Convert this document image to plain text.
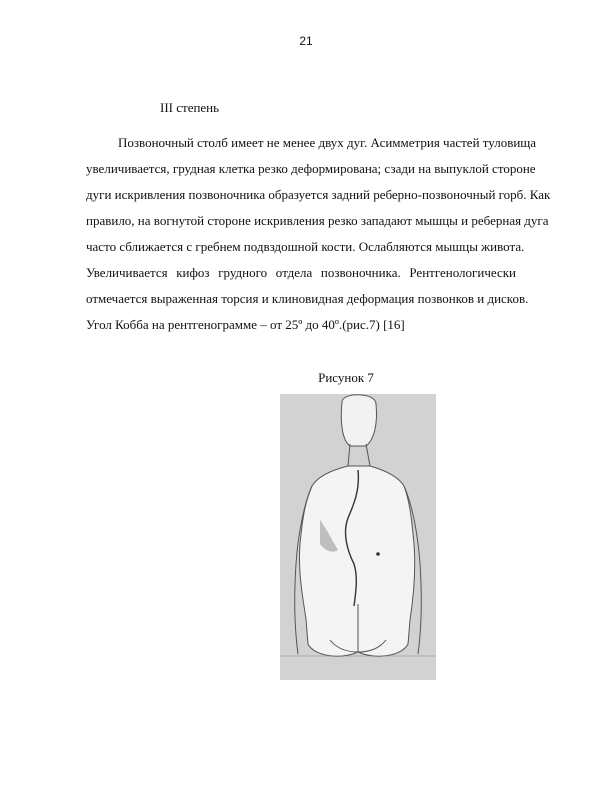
21
III степень
Позвоночный столб имеет не менее двух дуг. Асимметрия частей туловища
увеличивается, грудная клетка резко деформирована; сзади на выпуклой стороне
дуги искривления позвоночника образуется задний реберно-позвоночный горб. Как
правило, на вогнутой стороне искривления резко западают мышцы и реберная дуга
часто сближается с гребнем подвздошной кости. Ослабляются мышцы живота.
Увеличивается кифоз грудного отдела позвоночника. Рентгенологически
отмечается выраженная торсия и клиновидная деформация позвонков и дисков.
Угол Кобба на рентгенограмме – от 25º до 40º.(рис.7) [16]
Рисунок 7
